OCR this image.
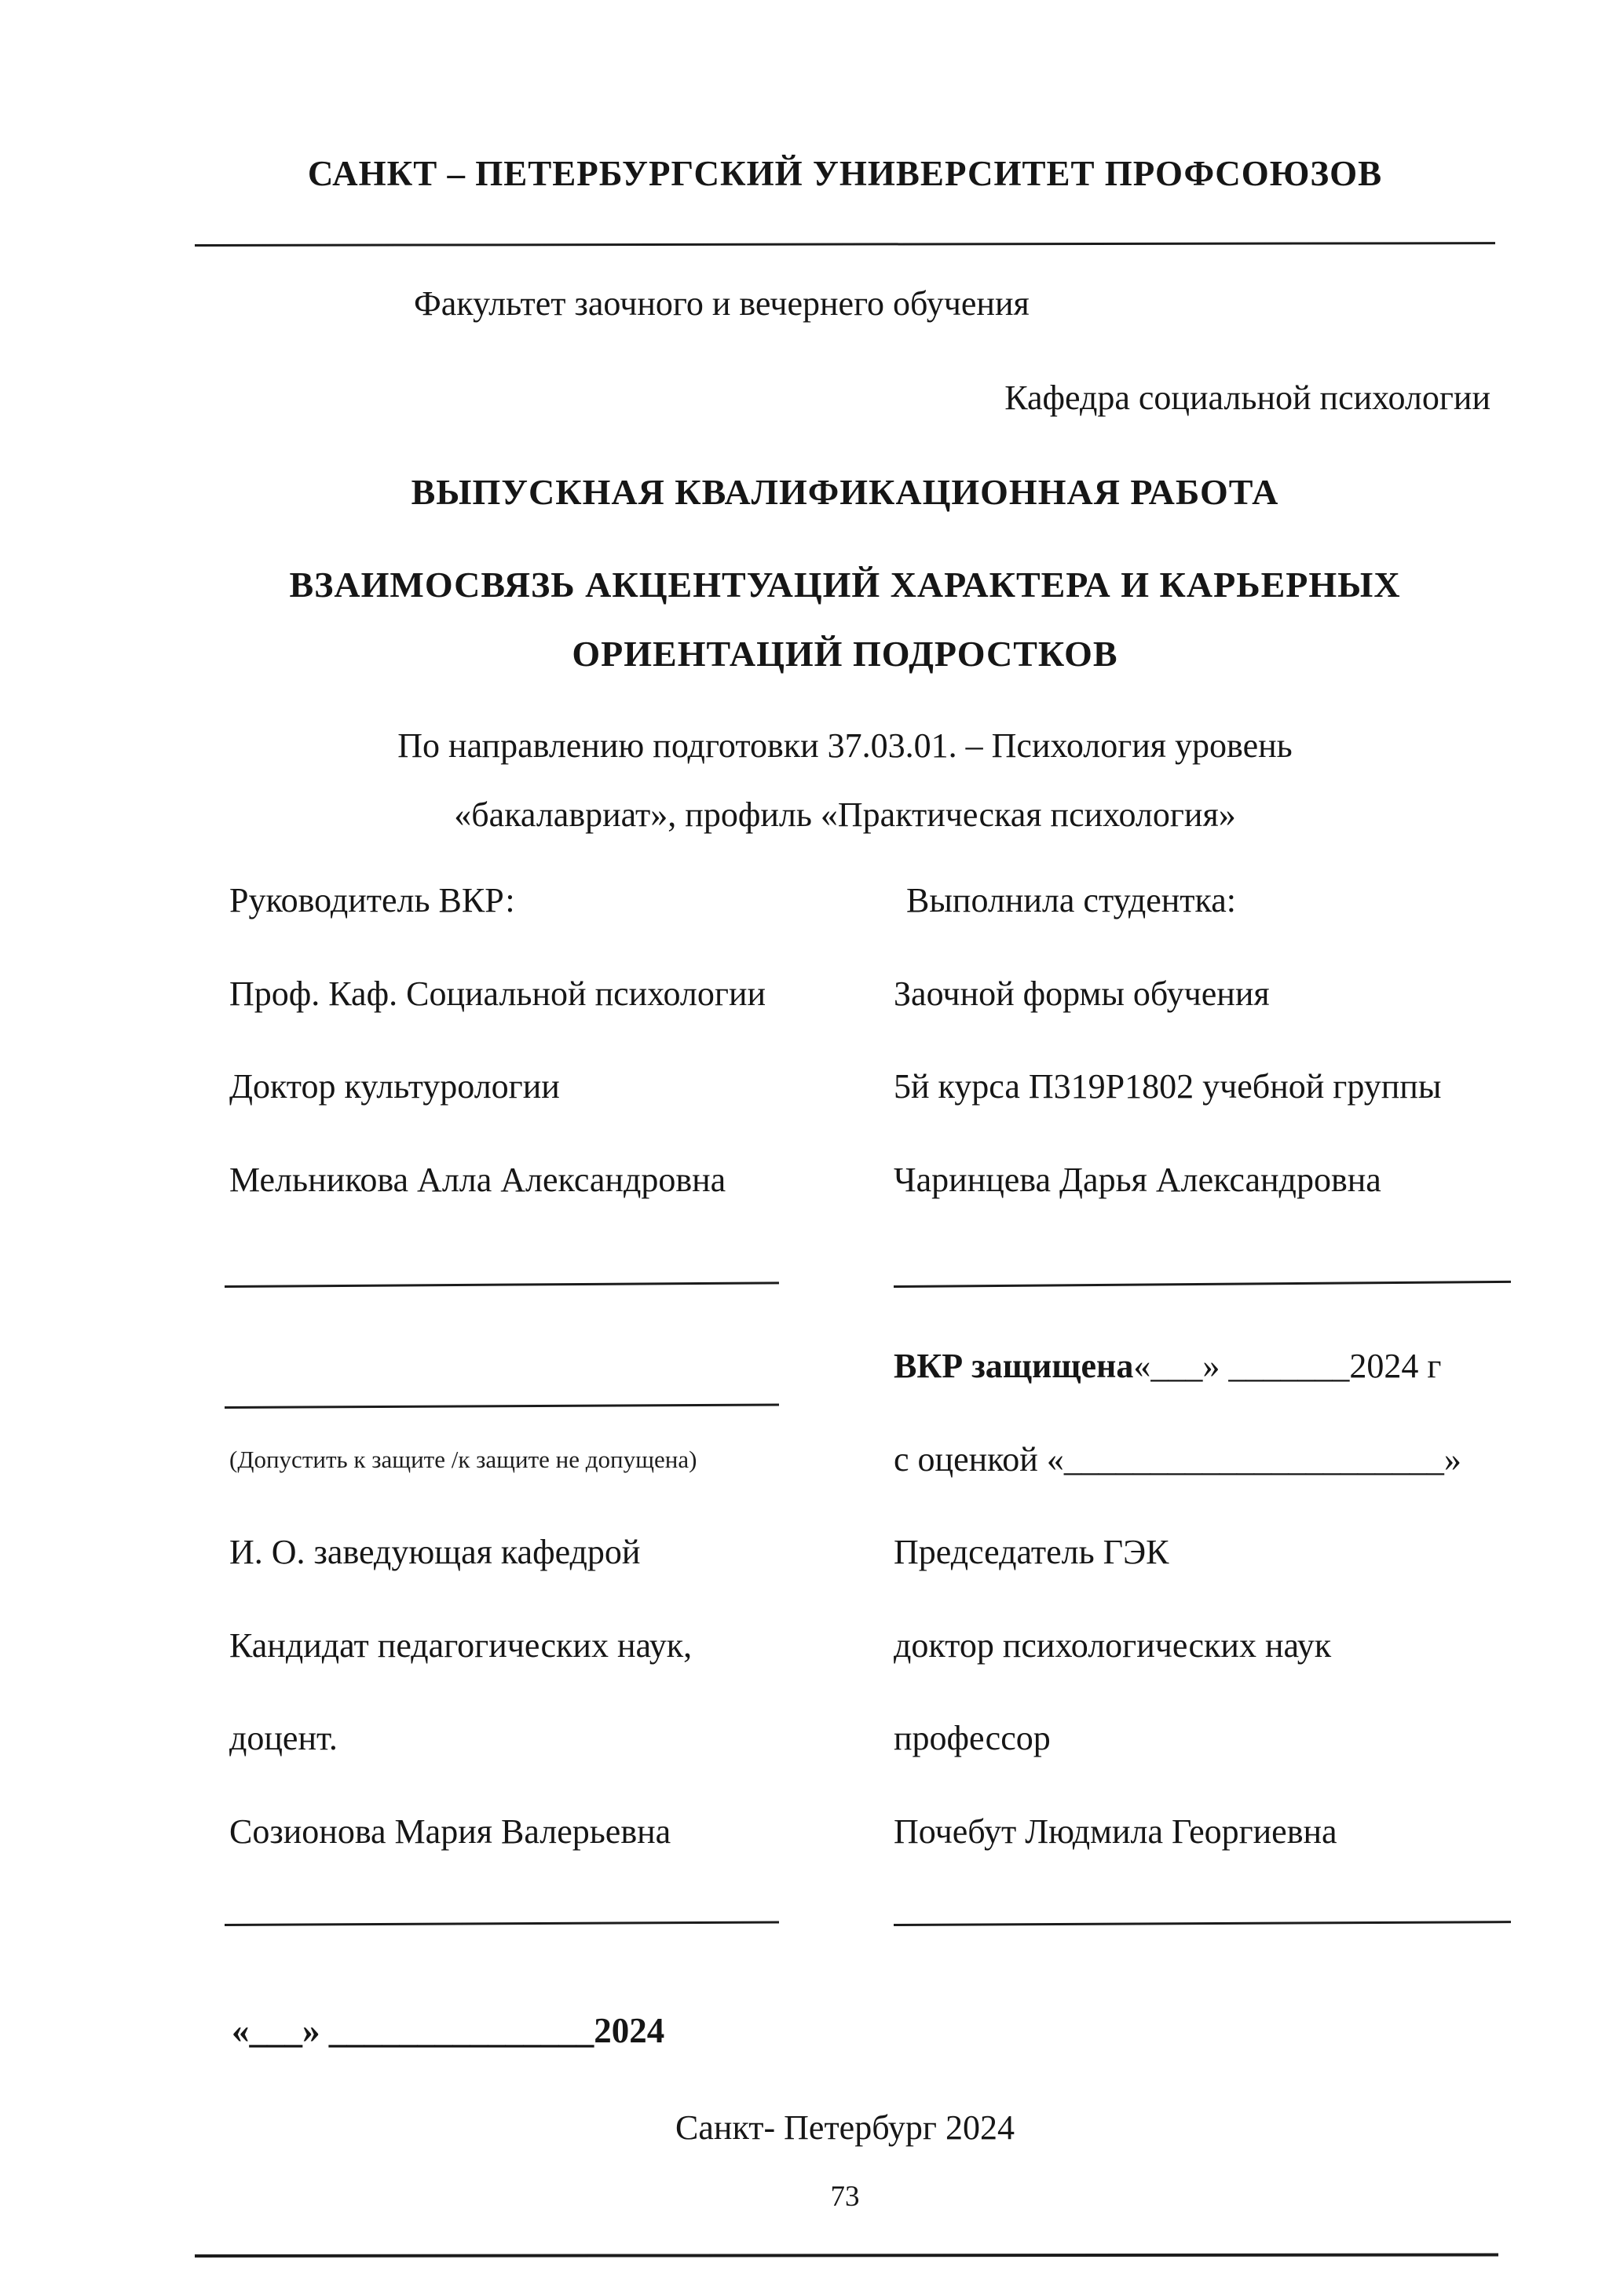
САНКТ – ПЕТЕРБУРГСКИЙ УНИВЕРСИТЕТ ПРОФСОЮЗОВ
Факультет заочного и вечернего обучения
Кафедра социальной психологии
ВЫПУСКНАЯ КВАЛИФИКАЦИОННАЯ РАБОТА
ВЗАИМОСВЯЗЬ АКЦЕНТУАЦИЙ ХАРАКТЕРА И КАРЬЕРНЫХ
ОРИЕНТАЦИЙ ПОДРОСТКОВ
По направлению подготовки 37.03.01. – Психология уровень
«бакалавриат», профиль «Практическая психология»
Руководитель ВКР:
Проф. Каф. Социальной психологии
Доктор культурологии
Мельникова Алла Александровна
(Допустить к защите /к защите не допущена)
И. О. заведующая кафедрой
Кандидат педагогических наук,
доцент.
Созионова Мария Валерьевна
Выполнила студентка:
Заочной формы обучения
5й курса П319Р1802 учебной группы
Чаринцева Дарья Александровна
ВКР защищена «___» _______2024 г
с оценкой «______________________»
Председатель ГЭК
доктор психологических наук
профессор
Почебут Людмила Георгиевна
«___» _______________2024
Санкт- Петербург 2024
73
